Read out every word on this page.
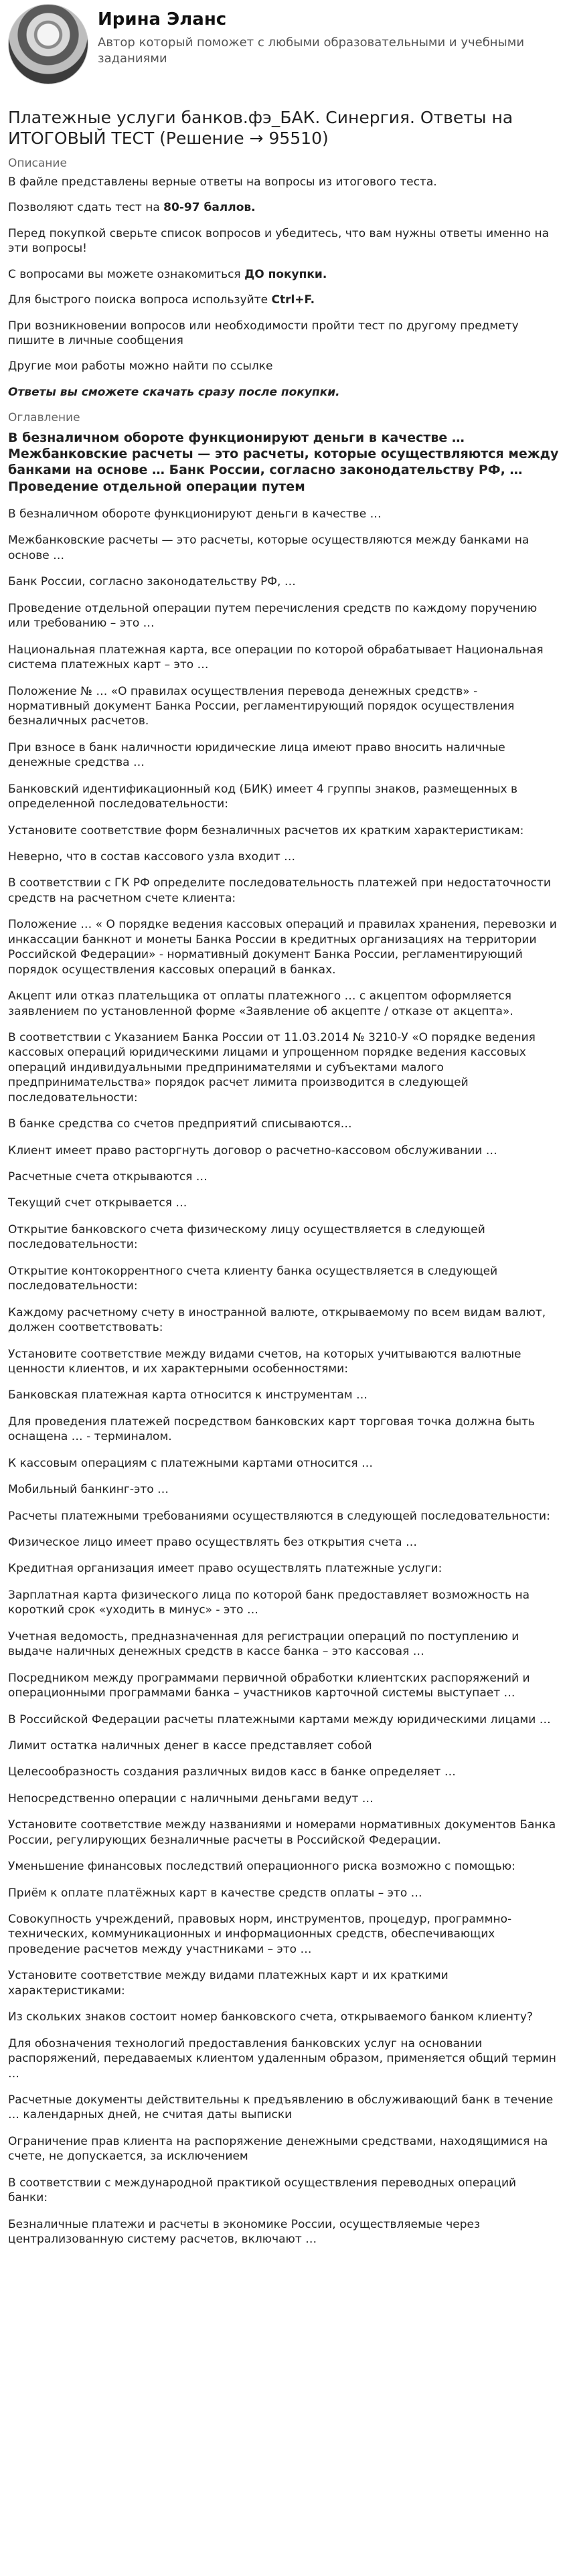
Ирина Эланс
Автор который поможет с любыми образовательными и учебными заданиями
Платежные услуги банков.фэ_БАК. Синергия. Ответы на ИТОГОВЫЙ ТЕСТ (Решение → 95510)
Описание

В файле представлены верные ответы на вопросы из итогового теста.

Позволяют сдать тест на 80-97 баллов.

Перед покупкой сверьте список вопросов и убедитесь, что вам нужны ответы именно на эти вопросы!

С вопросами вы можете ознакомиться ДО покупки.

Для быстрого поиска вопроса используйте Ctrl+F.

При возникновении вопросов или необходимости пройти тест по другому предмету пишите в личные сообщения

Другие мои работы можно найти по ссылке

Ответы вы сможете скачать сразу после покупки.

Оглавление
В безналичном обороте функционируют деньги в качестве … Межбанковские расчеты — это расчеты, которые осуществляются между банками на основе … Банк России, согласно законодательству РФ, … Проведение отдельной операции путем

В безналичном обороте функционируют деньги в качестве …

Межбанковские расчеты — это расчеты, которые осуществляются между банками на основе …

Банк России, согласно законодательству РФ, …

Проведение отдельной операции путем перечисления средств по каждому поручению или требованию – это …

Национальная платежная карта, все операции по которой обрабатывает Национальная система платежных карт – это …

Положение № … «О правилах осуществления перевода денежных средств» - нормативный документ Банка России, регламентирующий порядок осуществления безналичных расчетов.

При взносе в банк наличности юридические лица имеют право вносить наличные денежные средства …

Банковский идентификационный код (БИК) имеет 4 группы знаков, размещенных в определенной последовательности:

Установите соответствие форм безналичных расчетов их кратким характеристикам:

Неверно, что в состав кассового узла входит …

В соответствии с ГК РФ определите последовательность платежей при недостаточности средств на расчетном счете клиента:

Положение … « О порядке ведения кассовых операций и правилах хранения, перевозки и инкассации банкнот и монеты Банка России в кредитных организациях на территории Российской Федерации» - нормативный документ Банка России, регламентирующий порядок осуществления кассовых операций в банках.

Акцепт или отказ плательщика от оплаты платежного … с акцептом оформляется заявлением по установленной форме «Заявление об акцепте / отказе от акцепта».

В соответствии с Указанием Банка России от 11.03.2014 № 3210-У «О порядке ведения кассовых операций юридическими лицами и упрощенном порядке ведения кассовых операций индивидуальными предпринимателями и субъектами малого предпринимательства» порядок расчет лимита производится в следующей последовательности:

В банке средства со счетов предприятий списываются…

Клиент имеет право расторгнуть договор о расчетно-кассовом обслуживании …

Расчетные счета открываются …

Текущий счет открывается …

Открытие банковского счета физическому лицу осуществляется в следующей последовательности:

Открытие контокоррентного счета клиенту банка осуществляется в следующей последовательности:

Каждому расчетному счету в иностранной валюте, открываемому по всем видам валют, должен соответствовать:

Установите соответствие между видами счетов, на которых учитываются валютные ценности клиентов, и их характерными особенностями:

Банковская платежная карта относится к инструментам …

Для проведения платежей посредством банковских карт торговая точка должна быть оснащена … - терминалом.

К кассовым операциям с платежными картами относится …

Мобильный банкинг-это …

Расчеты платежными требованиями осуществляются в следующей последовательности:

Физическое лицо имеет право осуществлять без открытия счета …

Кредитная организация имеет право осуществлять платежные услуги:

Зарплатная карта физического лица по которой банк предоставляет возможность на короткий срок «уходить в минус» - это …

Учетная ведомость, предназначенная для регистрации операций по поступлению и выдаче наличных денежных средств в кассе банка – это кассовая …

Посредником между программами первичной обработки клиентских распоряжений и операционными программами банка – участников карточной системы выступает …

В Российской Федерации расчеты платежными картами между юридическими лицами …

Лимит остатка наличных денег в кассе представляет собой

Целесообразность создания различных видов касс в банке определяет …

Непосредственно операции с наличными деньгами ведут …

Установите соответствие между названиями и номерами нормативных документов Банка России, регулирующих безналичные расчеты в Российской Федерации.

Уменьшение финансовых последствий операционного риска возможно с помощью:

Приём к оплате платёжных карт в качестве средств оплаты – это …

Совокупность учреждений, правовых норм, инструментов, процедур, программно-технических, коммуникационных и информационных средств, обеспечивающих проведение расчетов между участниками – это …

Установите соответствие между видами платежных карт и их краткими характеристиками:

Из скольких знаков состоит номер банковского счета, открываемого банком клиенту?

Для обозначения технологий предоставления банковских услуг на основании распоряжений, передаваемых клиентом удаленным образом, применяется общий термин …

Расчетные документы действительны к предъявлению в обслуживающий банк в течение … календарных дней, не считая даты выписки

Ограничение прав клиента на распоряжение денежными средствами, находящимися на счете, не допускается, за исключением

В соответствии с международной практикой осуществления переводных операций банки:

Безналичные платежи и расчеты в экономике России, осуществляемые через централизованную систему расчетов, включают …
